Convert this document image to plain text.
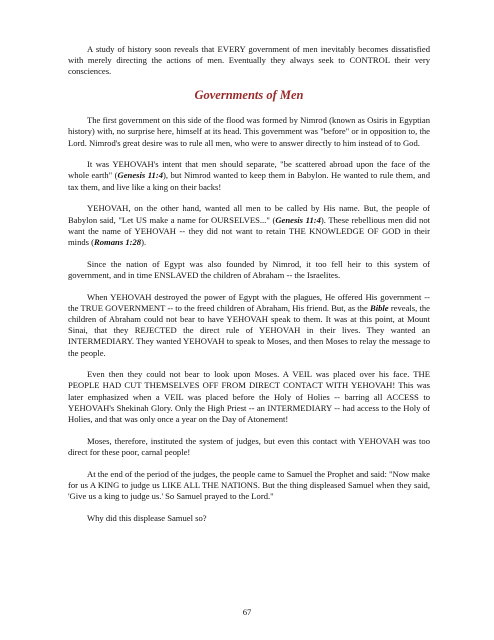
A study of history soon reveals that EVERY government of men inevitably becomes dissatisfied with merely directing the actions of men. Eventually they always seek to CONTROL their very consciences.

Governments of Men

The first government on this side of the flood was formed by Nimrod (known as Osiris in Egyptian history) with, no surprise here, himself at its head. This government was "before" or in opposition to, the Lord. Nimrod's great desire was to rule all men, who were to answer directly to him instead of to God.

It was YEHOVAH's intent that men should separate, "be scattered abroad upon the face of the whole earth" (Genesis 11:4), but Nimrod wanted to keep them in Babylon. He wanted to rule them, and tax them, and live like a king on their backs!

YEHOVAH, on the other hand, wanted all men to be called by His name. But, the people of Babylon said, "Let US make a name for OURSELVES..." (Genesis 11:4). These rebellious men did not want the name of YEHOVAH -- they did not want to retain THE KNOWLEDGE OF GOD in their minds (Romans 1:28).

Since the nation of Egypt was also founded by Nimrod, it too fell heir to this system of government, and in time ENSLAVED the children of Abraham -- the Israelites.

When YEHOVAH destroyed the power of Egypt with the plagues, He offered His government -- the TRUE GOVERNMENT -- to the freed children of Abraham, His friend. But, as the Bible reveals, the children of Abraham could not bear to have YEHOVAH speak to them. It was at this point, at Mount Sinai, that they REJECTED the direct rule of YEHOVAH in their lives. They wanted an INTERMEDIARY. They wanted YEHOVAH to speak to Moses, and then Moses to relay the message to the people.

Even then they could not bear to look upon Moses. A VEIL was placed over his face. THE PEOPLE HAD CUT THEMSELVES OFF FROM DIRECT CONTACT WITH YEHOVAH! This was later emphasized when a VEIL was placed before the Holy of Holies -- barring all ACCESS to YEHOVAH's Shekinah Glory. Only the High Priest -- an INTERMEDIARY -- had access to the Holy of Holies, and that was only once a year on the Day of Atonement!

Moses, therefore, instituted the system of judges, but even this contact with YEHOVAH was too direct for these poor, carnal people!

At the end of the period of the judges, the people came to Samuel the Prophet and said: "Now make for us A KING to judge us LIKE ALL THE NATIONS. But the thing displeased Samuel when they said, 'Give us a king to judge us.' So Samuel prayed to the Lord."

Why did this displease Samuel so?

67
